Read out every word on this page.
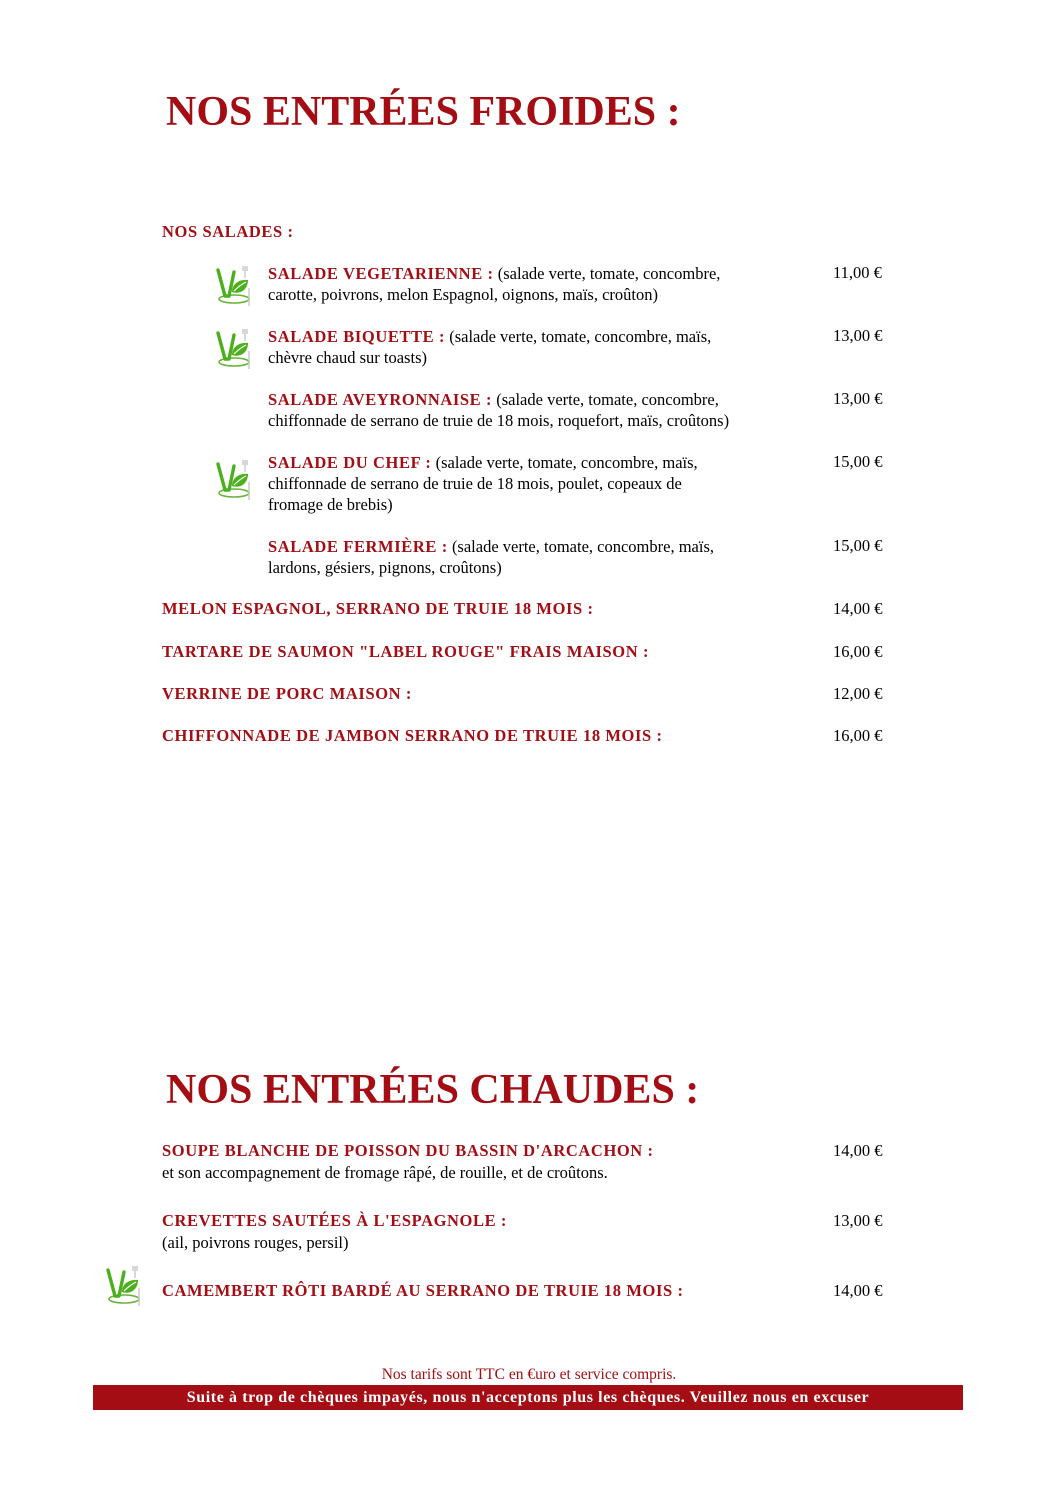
NOS ENTRÉES FROIDES :
NOS SALADES :
SALADE VEGETARIENNE : (salade verte, tomate, concombre,
carotte, poivrons, melon Espagnol, oignons, maïs, croûton)
11,00 €
SALADE BIQUETTE : (salade verte, tomate, concombre, maïs,
chèvre chaud sur toasts)
13,00 €
SALADE AVEYRONNAISE : (salade verte, tomate, concombre,
chiffonnade de serrano de truie de 18 mois, roquefort, maïs, croûtons)
13,00 €
SALADE DU CHEF : (salade verte, tomate, concombre, maïs,
chiffonnade de serrano de truie de 18 mois, poulet, copeaux de
fromage de brebis)
15,00 €
SALADE FERMIÈRE : (salade verte, tomate, concombre, maïs,
lardons, gésiers, pignons, croûtons)
15,00 €
MELON ESPAGNOL, SERRANO DE TRUIE 18 MOIS :	14,00 €
TARTARE DE SAUMON "LABEL ROUGE" FRAIS MAISON :	16,00 €
VERRINE DE PORC MAISON :	12,00 €
CHIFFONNADE DE JAMBON SERRANO DE TRUIE 18 MOIS :	16,00 €
NOS ENTRÉES CHAUDES :
SOUPE BLANCHE DE POISSON DU BASSIN D'ARCACHON :
et son accompagnement de fromage râpé, de rouille, et de croûtons.
14,00 €
CREVETTES SAUTÉES À L'ESPAGNOLE :
(ail, poivrons rouges, persil)
13,00 €
CAMEMBERT RÔTI BARDÉ AU SERRANO DE TRUIE 18 MOIS :	14,00 €
Nos tarifs sont TTC en €uro et service compris.
Suite à trop de chèques impayés, nous n'acceptons plus les chèques. Veuillez nous en excuser
